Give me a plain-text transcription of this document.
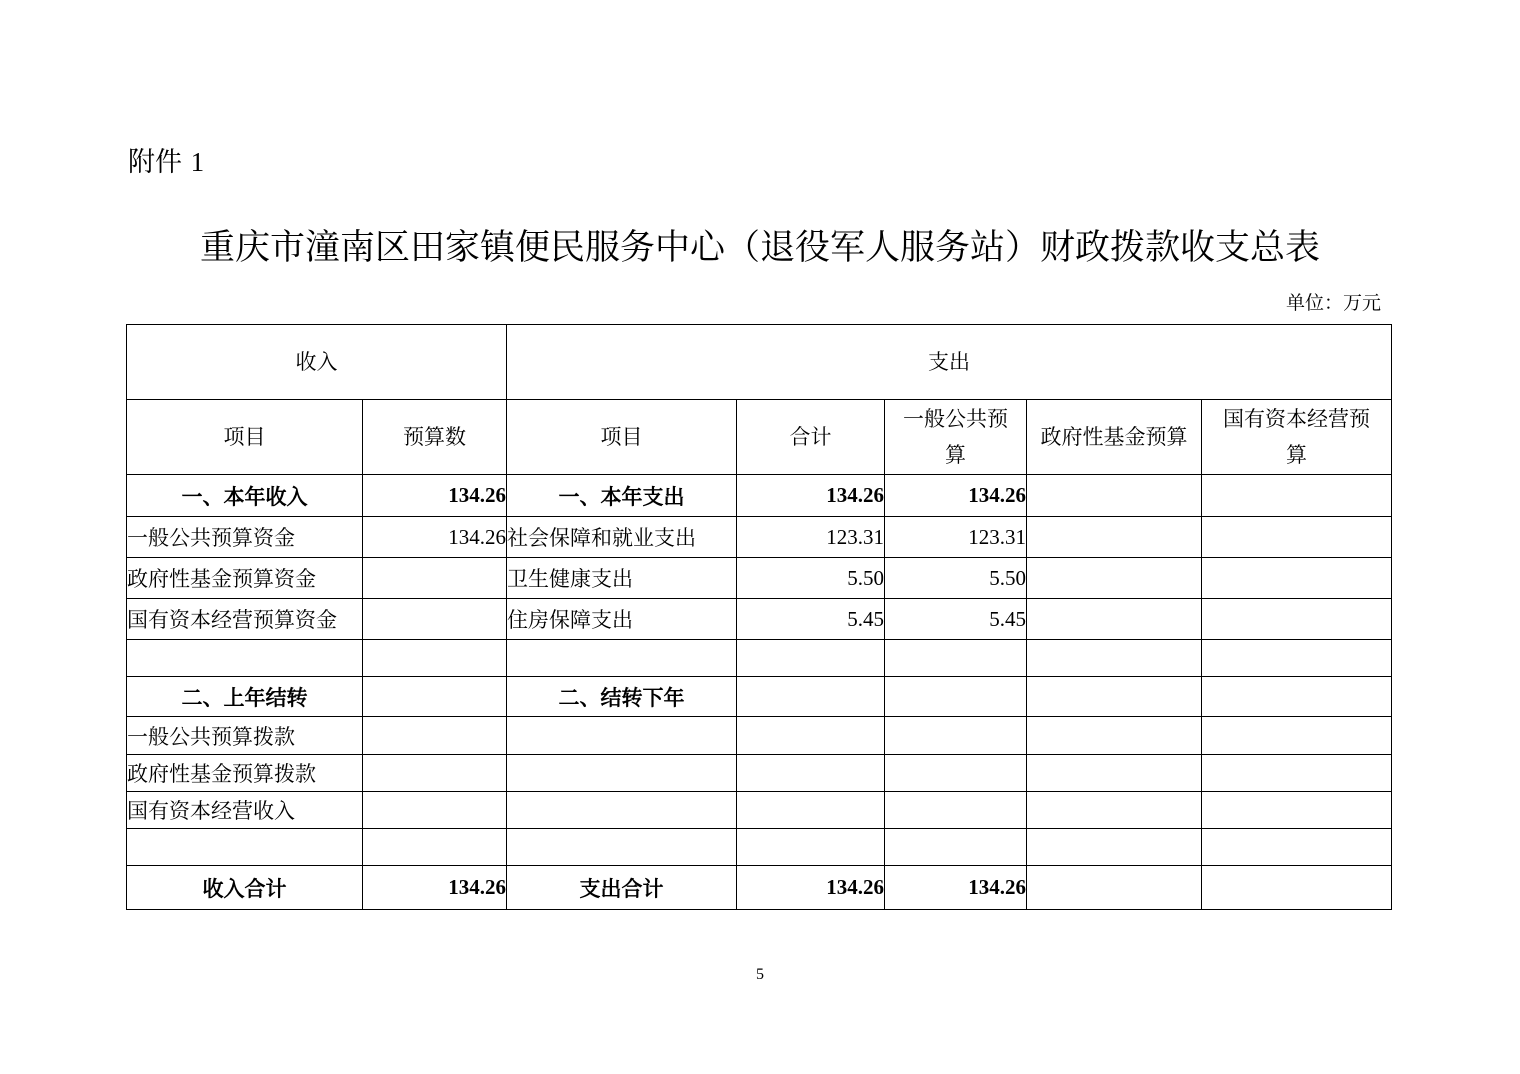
附件 1
重庆市潼南区田家镇便民服务中心（退役军人服务站）财政拨款收支总表
单位：万元
收入		支出				
项目	预算数	项目	合计	一般公共预算	政府性基金预算	国有资本经营预算
一、本年收入	134.26	一、本年支出	134.26	134.26		
一般公共预算资金	134.26	社会保障和就业支出	123.31	123.31		
政府性基金预算资金		卫生健康支出	5.50	5.50		
国有资本经营预算资金		住房保障支出	5.45	5.45		

二、上年结转		二、结转下年				
一般公共预算拨款						
政府性基金预算拨款						
国有资本经营收入						

收入合计	134.26	支出合计	134.26	134.26		
5
